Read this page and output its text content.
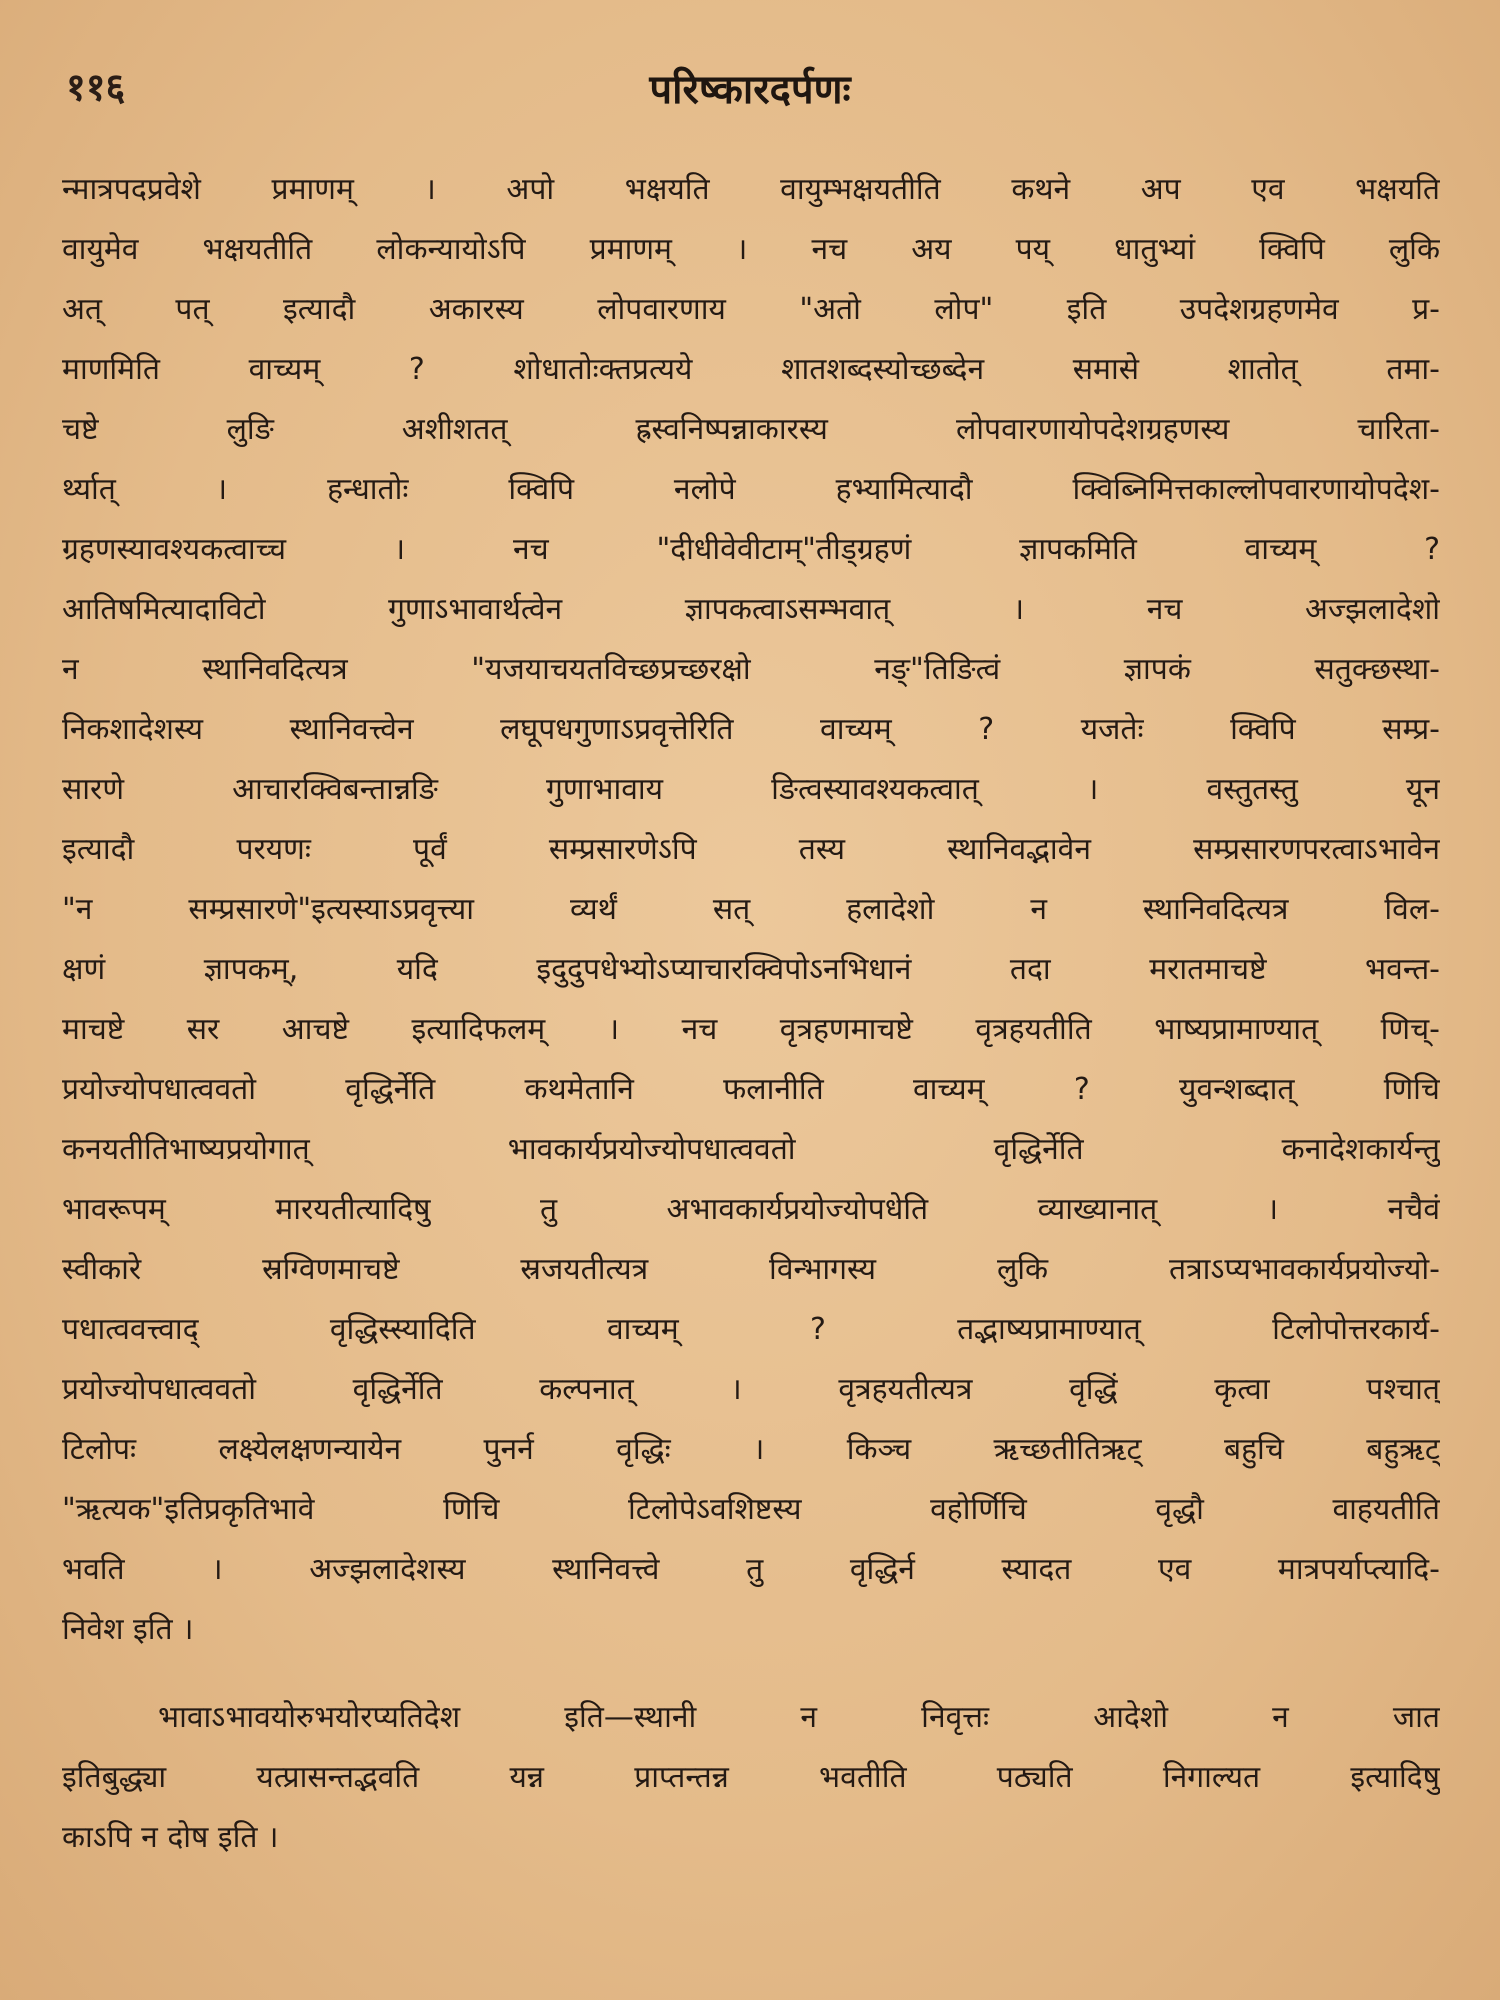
११६	परिष्कारदर्पणः
न्मात्रपदप्रवेशे प्रमाणम् । अपो भक्षयति वायुम्भक्षयतीति कथने अप एव भक्षयति
वायुमेव भक्षयतीति लोकन्यायोऽपि प्रमाणम् । नच अय पय् धातुभ्यां क्विपि लुकि
अत् पत् इत्यादौ अकारस्य लोपवारणाय "अतो लोप" इति उपदेशग्रहणमेव प्र-
माणमिति वाच्यम् ? शोधातोःक्तप्रत्यये शातशब्दस्योच्छब्देन समासे शातोत् तमा-
चष्टे लुङि अशीशतत् ह्रस्वनिष्पन्नाकारस्य लोपवारणायोपदेशग्रहणस्य चारिता-
र्थ्यात् । हन्धातोः क्विपि नलोपे हभ्यामित्यादौ क्विब्निमित्तकाल्लोपवारणायोपदेश-
ग्रहणस्यावश्यकत्वाच्च । नच "दीधीवेवीटाम्"तीड्ग्रहणं ज्ञापकमिति वाच्यम् ?
आतिषमित्यादाविटो गुणाऽभावार्थत्वेन ज्ञापकत्वाऽसम्भवात् । नच अज्झलादेशो
न स्थानिवदित्यत्र "यजयाचयतविच्छप्रच्छरक्षो नङ्"तिङित्वं ज्ञापकं सतुक्छस्था-
निकशादेशस्य स्थानिवत्त्वेन लघूपधगुणाऽप्रवृत्तेरिति वाच्यम् ? यजतेः क्विपि सम्प्र-
सारणे आचारक्विबन्तान्नङि गुणाभावाय ङित्वस्यावश्यकत्वात् । वस्तुतस्तु यून
इत्यादौ परयणः पूर्वं सम्प्रसारणेऽपि तस्य स्थानिवद्भावेन सम्प्रसारणपरत्वाऽभावेन
"न सम्प्रसारणे"इत्यस्याऽप्रवृत्त्या व्यर्थं सत् हलादेशो न स्थानिवदित्यत्र विल-
क्षणं ज्ञापकम्, यदि इदुदुपधेभ्योऽप्याचारक्विपोऽनभिधानं तदा मरातमाचष्टे भवन्त-
माचष्टे सर आचष्टे इत्यादिफलम् । नच वृत्रहणमाचष्टे वृत्रहयतीति भाष्यप्रामाण्यात् णिच्-
प्रयोज्योपधात्ववतो वृद्धिर्नेति कथमेतानि फलानीति वाच्यम् ? युवन्शब्दात् णिचि
कनयतीतिभाष्यप्रयोगात् भावकार्यप्रयोज्योपधात्ववतो वृद्धिर्नेति कनादेशकार्यन्तु
भावरूपम् मारयतीत्यादिषु तु अभावकार्यप्रयोज्योपधेति व्याख्यानात् । नचैवं
स्वीकारे स्रग्विणमाचष्टे स्रजयतीत्यत्र विन्भागस्य लुकि तत्राऽप्यभावकार्यप्रयोज्यो-
पधात्ववत्त्वाद् वृद्धिस्स्यादिति वाच्यम् ? तद्भाष्यप्रामाण्यात् टिलोपोत्तरकार्य-
प्रयोज्योपधात्ववतो वृद्धिर्नेति कल्पनात् । वृत्रहयतीत्यत्र वृद्धिं कृत्वा पश्चात्
टिलोपः लक्ष्येलक्षणन्यायेन पुनर्न वृद्धिः । किञ्च ऋच्छतीतिऋट् बहुचि बहुऋट्
"ऋत्यक"इतिप्रकृतिभावे णिचि टिलोपेऽवशिष्टस्य वहोर्णिचि वृद्धौ वाहयतीति
भवति । अज्झलादेशस्य स्थानिवत्त्वे तु वृद्धिर्न स्यादत एव मात्रपर्याप्त्यादि-
निवेश इति ।
भावाऽभावयोरुभयोरप्यतिदेश इति—स्थानी न निवृत्तः आदेशो न जात
इतिबुद्ध्या यत्प्रासन्तद्भवति यन्न प्राप्तन्तन्न भवतीति पठ्यति निगाल्यत इत्यादिषु
काऽपि न दोष इति ।
